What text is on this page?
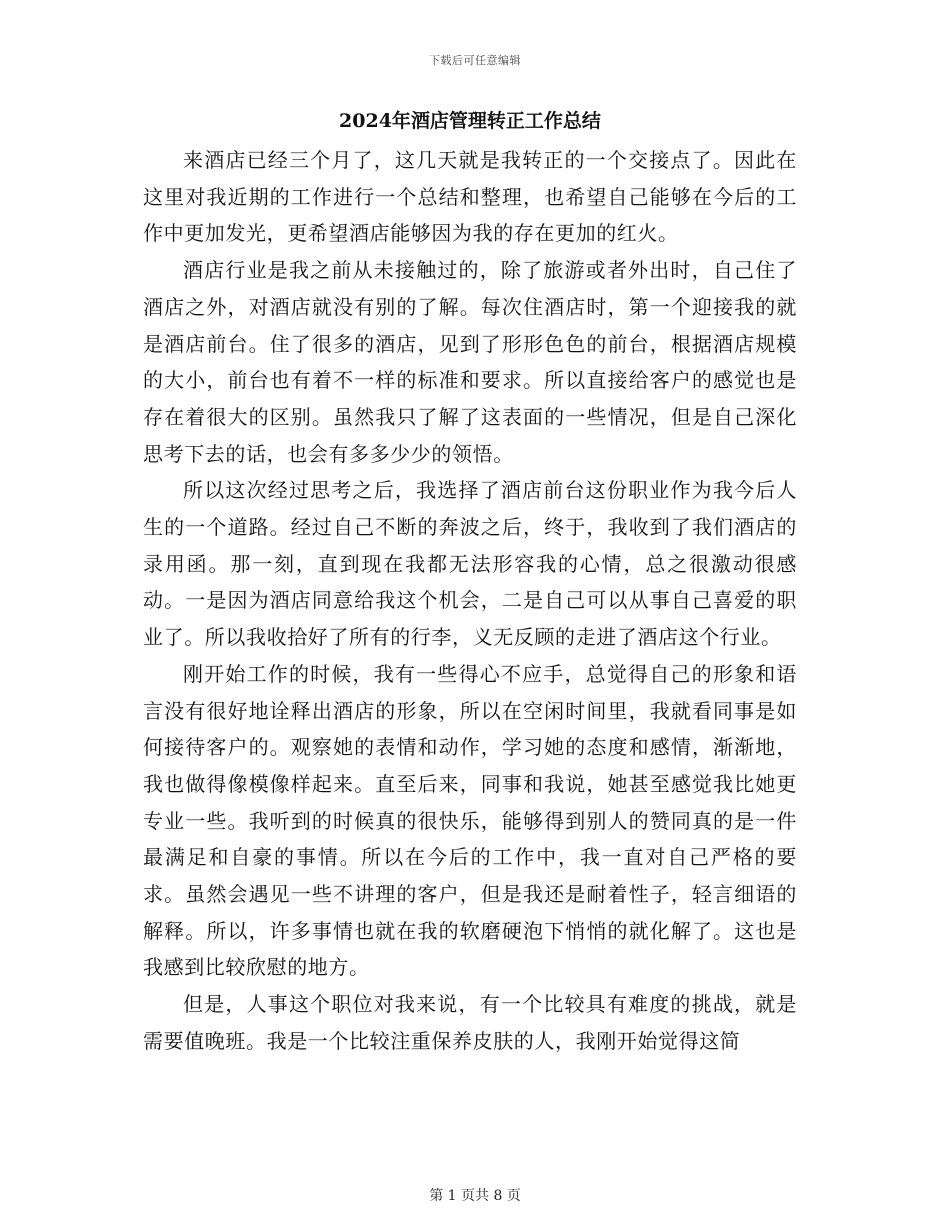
下载后可任意编辑
2024年酒店管理转正工作总结

来酒店已经三个月了，这几天就是我转正的一个交接点了。因此在这里对我近期的工作进行一个总结和整理，也希望自己能够在今后的工作中更加发光，更希望酒店能够因为我的存在更加的红火。

酒店行业是我之前从未接触过的，除了旅游或者外出时，自己住了酒店之外，对酒店就没有别的了解。每次住酒店时，第一个迎接我的就是酒店前台。住了很多的酒店，见到了形形色色的前台，根据酒店规模的大小，前台也有着不一样的标准和要求。所以直接给客户的感觉也是存在着很大的区别。虽然我只了解了这表面的一些情况，但是自己深化思考下去的话，也会有多多少少的领悟。

所以这次经过思考之后，我选择了酒店前台这份职业作为我今后人生的一个道路。经过自己不断的奔波之后，终于，我收到了我们酒店的录用函。那一刻，直到现在我都无法形容我的心情，总之很激动很感动。一是因为酒店同意给我这个机会，二是自己可以从事自己喜爱的职业了。所以我收拾好了所有的行李，义无反顾的走进了酒店这个行业。

刚开始工作的时候，我有一些得心不应手，总觉得自己的形象和语言没有很好地诠释出酒店的形象，所以在空闲时间里，我就看同事是如何接待客户的。观察她的表情和动作，学习她的态度和感情，渐渐地，我也做得像模像样起来。直至后来，同事和我说，她甚至感觉我比她更专业一些。我听到的时候真的很快乐，能够得到别人的赞同真的是一件最满足和自豪的事情。所以在今后的工作中，我一直对自己严格的要求。虽然会遇见一些不讲理的客户，但是我还是耐着性子，轻言细语的解释。所以，许多事情也就在我的软磨硬泡下悄悄的就化解了。这也是我感到比较欣慰的地方。

但是，人事这个职位对我来说，有一个比较具有难度的挑战，就是需要值晚班。我是一个比较注重保养皮肤的人，我刚开始觉得这简

第 1 页共 8 页
